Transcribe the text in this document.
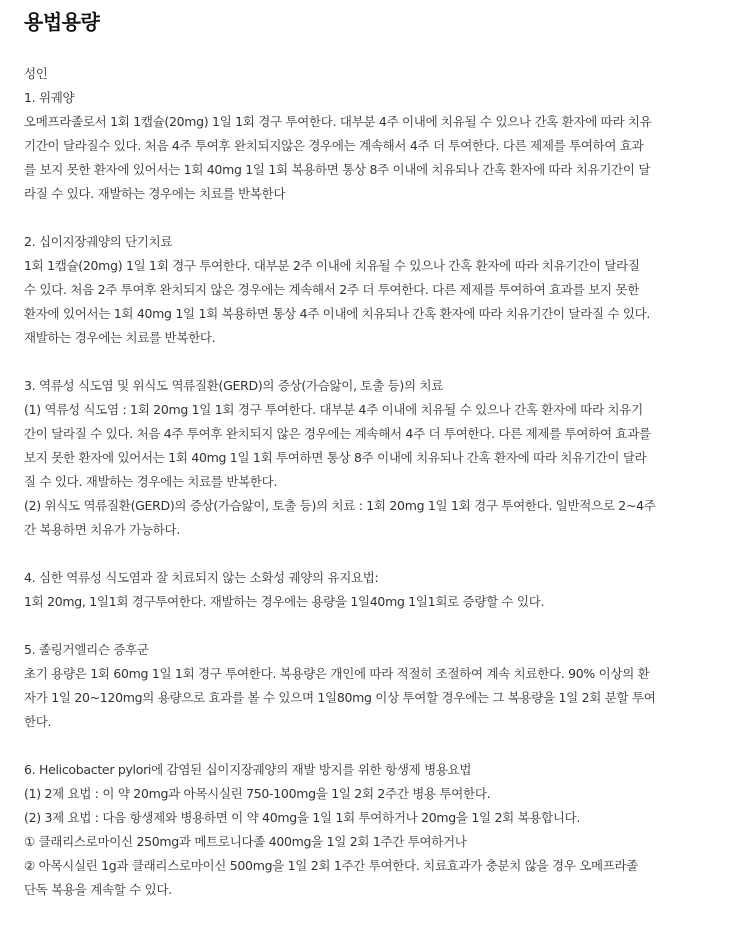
용법용량
성인
1. 위궤양
오메프라졸로서 1회 1캡슐(20mg) 1일 1회 경구 투여한다. 대부분 4주 이내에 치유될 수 있으나 간혹 환자에 따라 치유
기간이 달라질수 있다. 처음 4주 투여후 완치되지않은 경우에는 계속해서 4주 더 투여한다. 다른 제제를 투여하여 효과
를 보지 못한 환자에 있어서는 1회 40mg 1일 1회 복용하면 통상 8주 이내에 치유되나 간혹 환자에 따라 치유기간이 달
라질 수 있다. 재발하는 경우에는 치료를 반복한다
2. 십이지장궤양의 단기치료
1회 1캡슐(20mg) 1일 1회 경구 투여한다. 대부분 2주 이내에 치유될 수 있으나 간혹 환자에 따라 치유기간이 달라질
수 있다. 처음 2주 투여후 완치되지 않은 경우에는 계속해서 2주 더 투여한다. 다른 제제를 투여하여 효과를 보지 못한
환자에 있어서는 1회 40mg 1일 1회 복용하면 통상 4주 이내에 치유되나 간혹 환자에 따라 치유기간이 달라질 수 있다.
재발하는 경우에는 치료를 반복한다.
3. 역류성 식도염 및 위식도 역류질환(GERD)의 증상(가슴앓이, 토출 등)의 치료
(1) 역류성 식도염 : 1회 20mg 1일 1회 경구 투여한다. 대부분 4주 이내에 치유될 수 있으나 간혹 환자에 따라 치유기
간이 달라질 수 있다. 처음 4주 투여후 완치되지 않은 경우에는 계속해서 4주 더 투여한다. 다른 제제를 투여하여 효과를
보지 못한 환자에 있어서는 1회 40mg 1일 1회 투여하면 통상 8주 이내에 치유되나 간혹 환자에 따라 치유기간이 달라
질 수 있다. 재발하는 경우에는 치료를 반복한다.
(2) 위식도 역류질환(GERD)의 증상(가슴앓이, 토출 등)의 치료 : 1회 20mg 1일 1회 경구 투여한다. 일반적으로 2~4주
간 복용하면 치유가 가능하다.
4. 심한 역류성 식도염과 잘 치료되지 않는 소화성 궤양의 유지요법:
1회 20mg, 1일1회 경구투여한다. 재발하는 경우에는 용량을 1일40mg 1일1회로 증량할 수 있다.
5. 졸링거엘리슨 증후군
초기 용량은 1회 60mg 1일 1회 경구 투여한다. 복용량은 개인에 따라 적절히 조절하여 계속 치료한다. 90% 이상의 환
자가 1일 20~120mg의 용량으로 효과를 볼 수 있으며 1일80mg 이상 투여할 경우에는 그 복용량을 1일 2회 분할 투여
한다.
6. Helicobacter pylori에 감염된 십이지장궤양의 재발 방지를 위한 항생제 병용요법
(1) 2제 요법 : 이 약 20mg과 아목시실린 750-100mg을 1일 2회 2주간 병용 투여한다.
(2) 3제 요법 : 다음 항생제와 병용하면 이 약 40mg을 1일 1회 투여하거나 20mg을 1일 2회 복용합니다.
① 클래리스로마이신 250mg과 메트로니다졸 400mg을 1일 2회 1주간 투여하거나
② 아목시실린 1g과 클래리스로마이신 500mg을 1일 2회 1주간 투여한다. 치료효과가 충분치 않을 경우 오메프라졸
단독 복용을 계속할 수 있다.
